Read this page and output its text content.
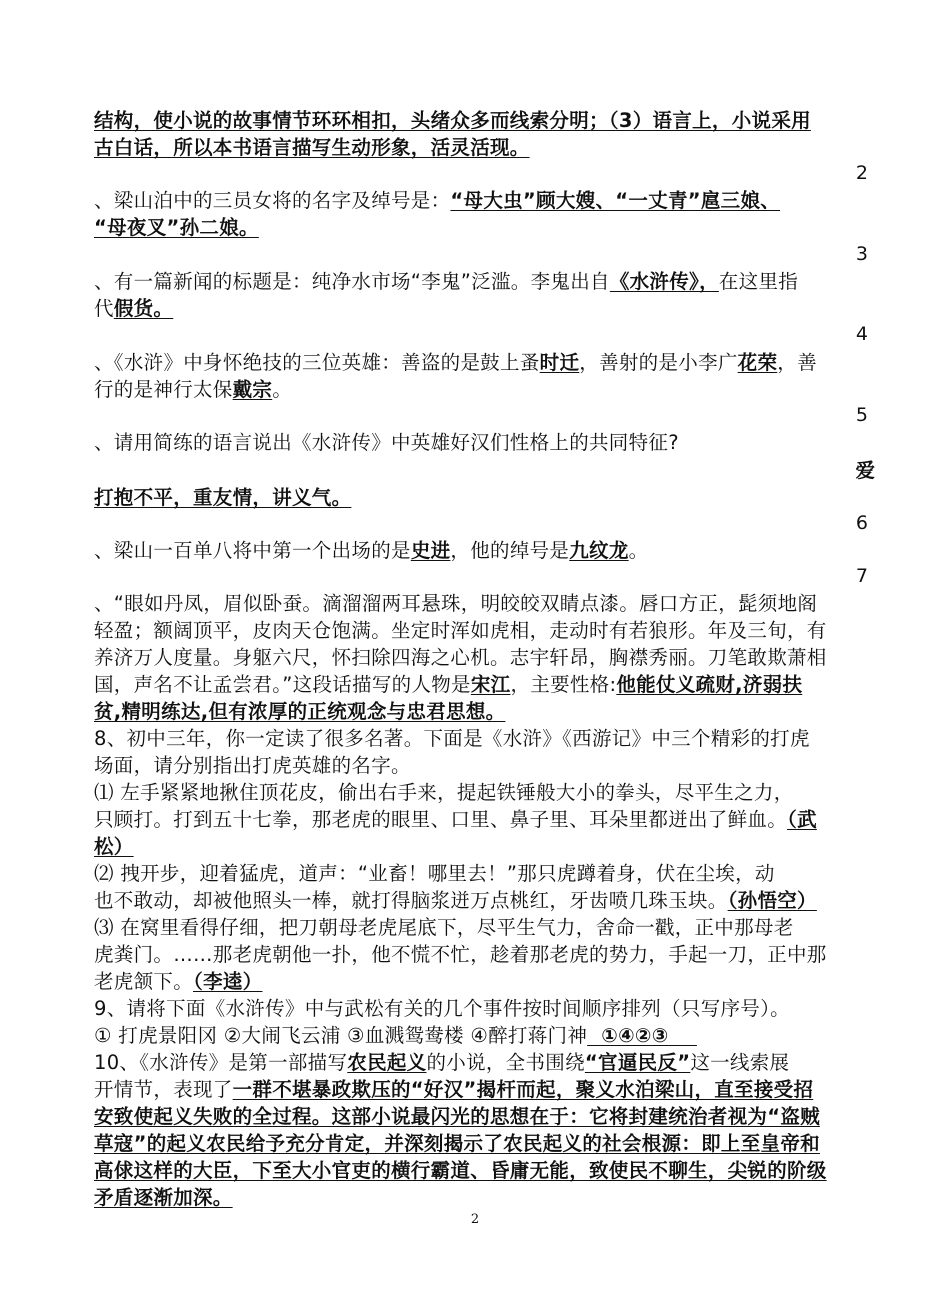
结构，使小说的故事情节环环相扣，头绪众多而线索分明；（3）语言上，小说采用
古白话，所以本书语言描写生动形象，活灵活现。
2
、梁山泊中的三员女将的名字及绰号是：“母大虫”顾大嫂、“一丈青”扈三娘、
“母夜叉”孙二娘。
3
、有一篇新闻的标题是：纯净水市场“李鬼”泛滥。李鬼出自《水浒传》，在这里指
代假货。
4
、《水浒》中身怀绝技的三位英雄：善盗的是鼓上蚤时迁，善射的是小李广花荣，善
行的是神行太保戴宗。
5
、请用简练的语言说出《水浒传》中英雄好汉们性格上的共同特征?
爱
打抱不平，重友情，讲义气。
6
、梁山一百单八将中第一个出场的是史进，他的绰号是九纹龙。
7
、“眼如丹凤，眉似卧蚕。滴溜溜两耳悬珠，明皎皎双睛点漆。唇口方正，髭须地阁
轻盈；额阔顶平，皮肉天仓饱满。坐定时浑如虎相，走动时有若狼形。年及三旬，有
养济万人度量。身躯六尺，怀扫除四海之心机。志宇轩昂，胸襟秀丽。刀笔敢欺萧相
国，声名不让孟尝君。”这段话描写的人物是宋江，主要性格:他能仗义疏财,济弱扶
贫,精明练达,但有浓厚的正统观念与忠君思想。
8、初中三年，你一定读了很多名著。下面是《水浒》《西游记》中三个精彩的打虎
场面，请分别指出打虎英雄的名字。
⑴ 左手紧紧地揪住顶花皮，偷出右手来，提起铁锤般大小的拳头，尽平生之力，
只顾打。打到五十七拳，那老虎的眼里、口里、鼻子里、耳朵里都迸出了鲜血。（武
松）
⑵ 拽开步，迎着猛虎，道声：“业畜！哪里去！”那只虎蹲着身，伏在尘埃，动
也不敢动，却被他照头一棒，就打得脑浆迸万点桃红，牙齿喷几珠玉块。（孙悟空）
⑶ 在窝里看得仔细，把刀朝母老虎尾底下，尽平生气力，舍命一戳，正中那母老
虎粪门。……那老虎朝他一扑，他不慌不忙，趁着那老虎的势力，手起一刀，正中那
老虎颔下。（李逵）
9、请将下面《水浒传》中与武松有关的几个事件按时间顺序排列（只写序号）。
① 打虎景阳冈 ②大闹飞云浦 ③血溅鸳鸯楼 ④醉打蒋门神  ①④②③
10、《水浒传》是第一部描写农民起义的小说，全书围绕“官逼民反”这一线索展
开情节，表现了一群不堪暴政欺压的“好汉”揭杆而起，聚义水泊梁山，直至接受招
安致使起义失败的全过程。这部小说最闪光的思想在于：它将封建统治者视为“盗贼
草寇”的起义农民给予充分肯定，并深刻揭示了农民起义的社会根源：即上至皇帝和
高俅这样的大臣，下至大小官吏的横行霸道、昏庸无能，致使民不聊生，尖锐的阶级
矛盾逐渐加深。
2
